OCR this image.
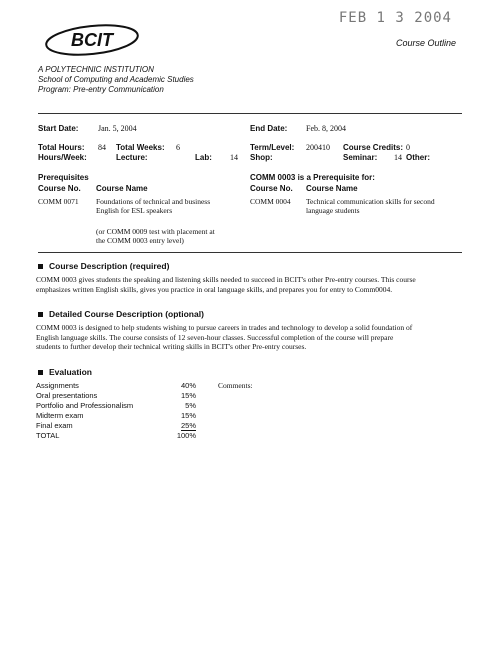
FEB 1 3 2004
Course Outline
BCIT
A POLYTECHNIC INSTITUTION
School of Computing and Academic Studies
Program: Pre-entry Communication
Start Date: Jan. 5, 2004	End Date: Feb. 8, 2004
Total Hours: 84 Total Weeks: 6	Term/Level: 200410 Course Credits: 0
Hours/Week:	Lecture:	Lab: 14 Shop:	Seminar: 14 Other:
Prerequisites
Course No. Course Name
COMM 0071 Foundations of technical and business
English for ESL speakers
(or COMM 0009 test with placement at
the COMM 0003 entry level)
COMM 0003 is a Prerequisite for:
Course No. Course Name
COMM 0004 Technical communication skills for second
language students
Course Description (required)
COMM 0003 gives students the speaking and listening skills needed to succeed in BCIT's other Pre-entry courses. This course
emphasizes written English skills, gives you practice in oral language skills, and prepares you for entry to Comm0004.
Detailed Course Description (optional)
COMM 0003 is designed to help students wishing to pursue careers in trades and technology to develop a solid foundation of
English language skills. The course consists of 12 seven-hour classes. Successful completion of the course will prepare
students to further develop their technical writing skills in BCIT's other Pre-entry courses.
Evaluation
Comments:
Assignments	40%
Oral presentations	15%
Portfolio and Professionalism	5%
Midterm exam	15%
Final exam	25%
TOTAL	100%
